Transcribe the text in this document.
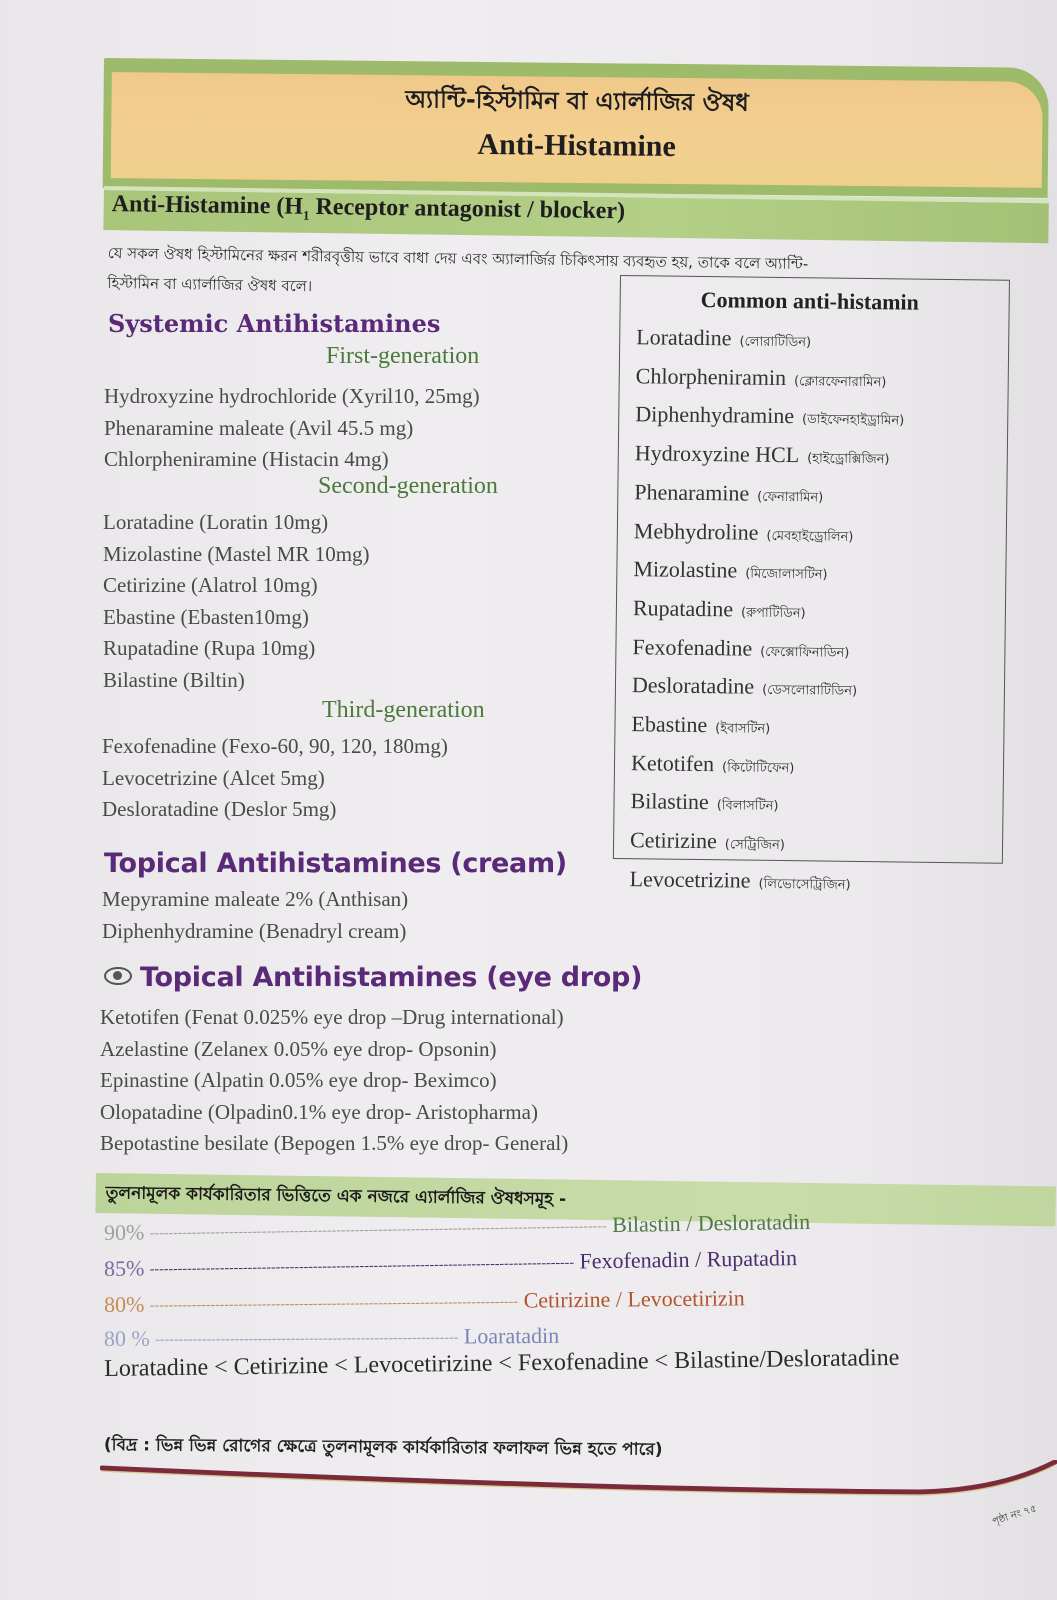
অ্যান্টি-হিস্টামিন বা এ্যার্লাজির ঔষধ
Anti-Histamine
Anti-Histamine ($H_1$ Receptor antagonist / blocker)
যে সকল ঔষধ হিস্টামিনের ক্ষরন শরীরবৃত্তীয় ভাবে বাধা দেয় এবং অ্যালার্জির চিকিৎসায় ব্যবহৃত হয়, তাকে বলে অ্যান্টি-
হিস্টামিন বা এ্যার্লাজির ঔষধ বলে।
Systemic Antihistamines
First-generation
Hydroxyzine hydrochloride (Xyril10, 25mg)
Phenaramine maleate (Avil 45.5 mg)
Chlorpheniramine (Histacin 4mg)
Second-generation
Loratadine (Loratin 10mg)
Mizolastine (Mastel MR 10mg)
Cetirizine (Alatrol 10mg)
Ebastine (Ebasten10mg)
Rupatadine (Rupa 10mg)
Bilastine (Biltin)
Third-generation
Fexofenadine (Fexo-60, 90, 120, 180mg)
Levocetrizine (Alcet 5mg)
Desloratadine (Deslor 5mg)
Common anti-histamin
Loratadine (লোরাটিডিন)
Chlorpheniramin (ক্লোরফেনারামিন)
Diphenhydramine (ডাইফেনহাইড্রামিন)
Hydroxyzine HCL (হাইড্রোক্সিজিন)
Phenaramine (ফেনারামিন)
Mebhydroline (মেবহাইড্রোলিন)
Mizolastine (মিজোলাসটিন)
Rupatadine (রুপাটিডিন)
Fexofenadine (ফেক্সোফিনাডিন)
Desloratadine (ডেসলোরাটিডিন)
Ebastine (ইবাসটিন)
Ketotifen (কিটোটিফেন)
Bilastine (বিলাসটিন)
Cetirizine (সেট্রিজিন)
Levocetrizine (লিভোসেট্রিজিন)
Topical Antihistamines (cream)
Mepyramine maleate 2% (Anthisan)
Diphenhydramine (Benadryl cream)
Topical Antihistamines (eye drop)
Ketotifen (Fenat 0.025% eye drop –Drug international)
Azelastine (Zelanex 0.05% eye drop- Opsonin)
Epinastine (Alpatin 0.05% eye drop- Beximco)
Olopatadine (Olpadin0.1% eye drop- Aristopharma)
Bepotastine besilate (Bepogen 1.5% eye drop- General)
তুলনামূলক কার্যকারিতার ভিত্তিতে এক নজরে এ্যার্লাজির ঔষধসমূহ -
90% -------------------------------------------------------------------------------------------------- Bilastin / Desloratadin
85% ------------------------------------------------------------------------------------------- Fexofenadin / Rupatadin
80% ------------------------------------------------------------------------------- Cetirizine / Levocetirizin
80 % ----------------------------------------------------------------- Loaratadin
Loratadine < Cetirizine < Levocetirizine < Fexofenadine < Bilastine/Desloratadine
(বিদ্র : ভিন্ন ভিন্ন রোগের ক্ষেত্রে তুলনামূলক কার্যকারিতার ফলাফল ভিন্ন হতে পারে)
পৃষ্ঠা নং ৭৫
